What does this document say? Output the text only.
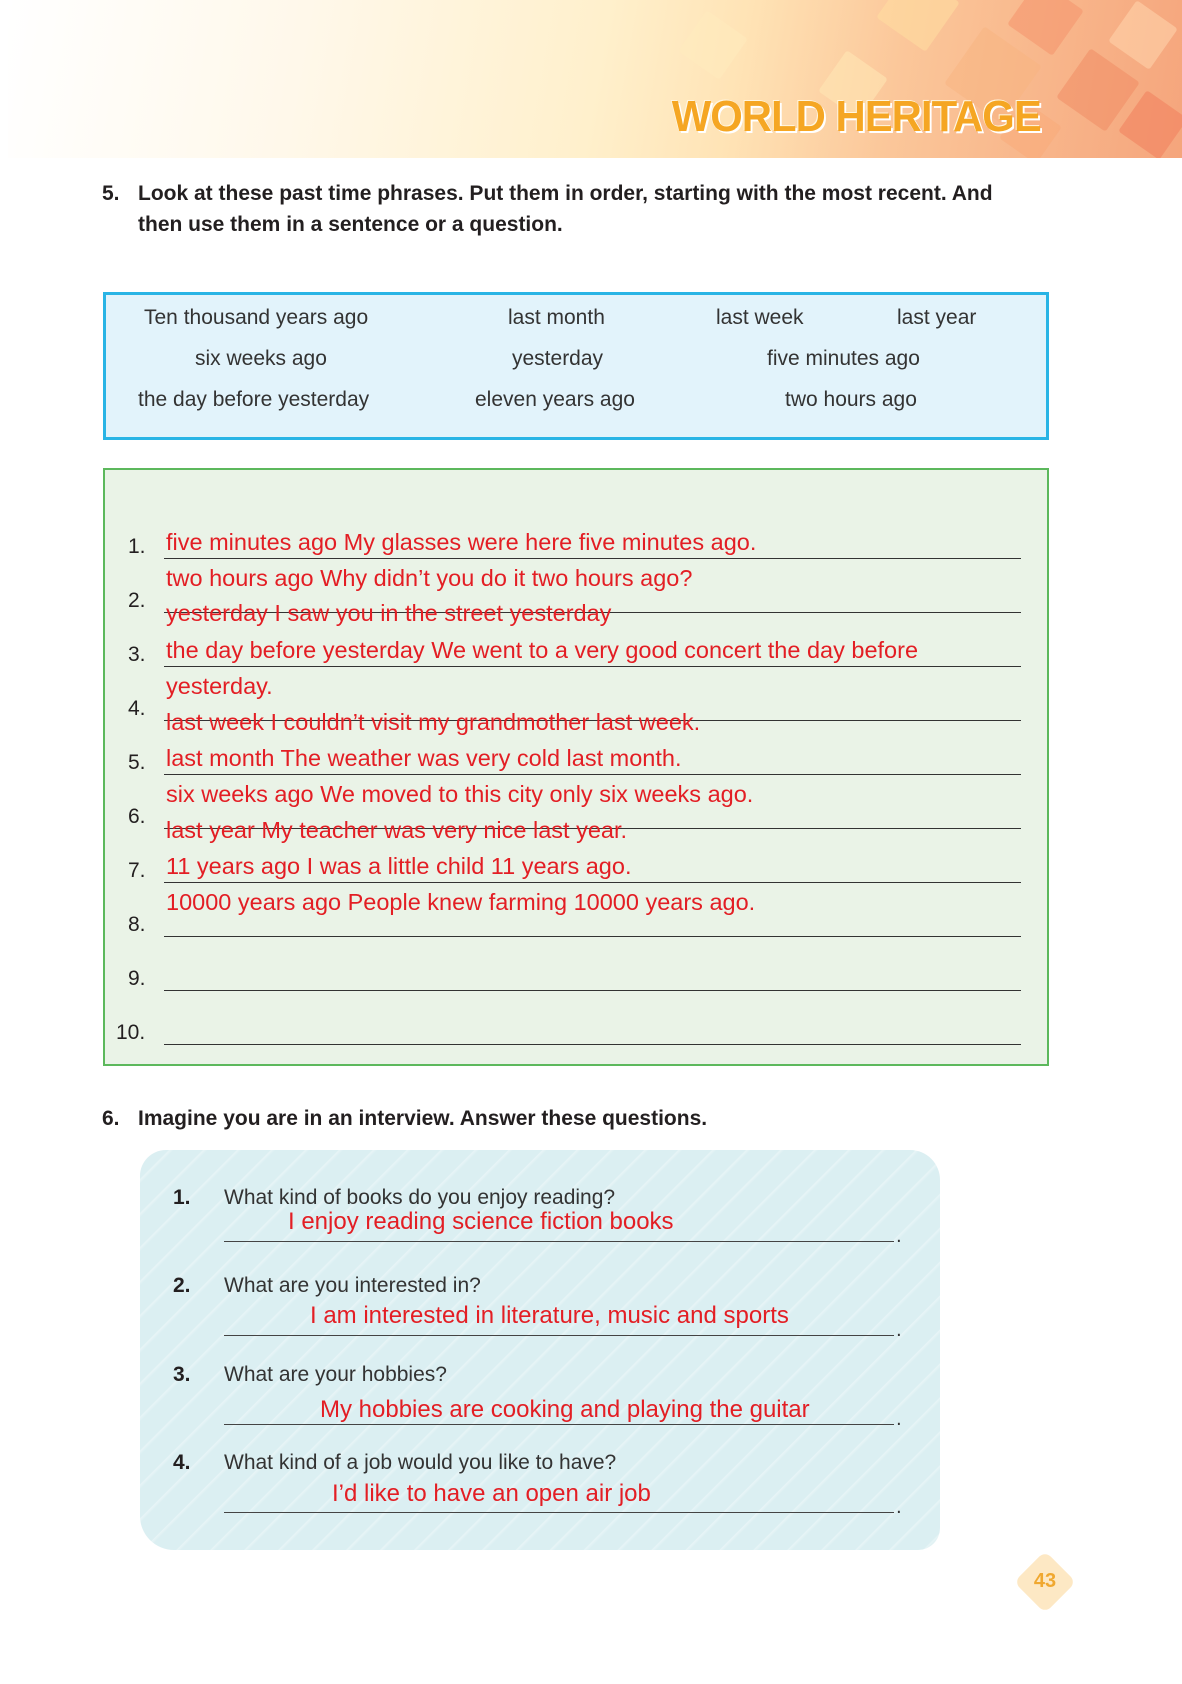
WORLD HERITAGE
5. Look at these past time phrases. Put them in order, starting with the most recent. And
then use them in a sentence or a question.
Ten thousand years ago	last month	last week	last year
six weeks ago	yesterday	five minutes ago
the day before yesterday	eleven years ago	two hours ago
1.
2.
3.
4.
5.
6.
7.
8.
9.
10.
five minutes ago My glasses were here five minutes ago.
two hours ago Why didn’t you do it two hours ago?
yesterday I saw you in the street yesterday
the day before yesterday We went to a very good concert the day before
yesterday.
last week I couldn’t visit my grandmother last week.
last month The weather was very cold last month.
six weeks ago We moved to this city only six weeks ago.
last year My teacher was very nice last year.
11 years ago I was a little child 11 years ago.
10000 years ago People knew farming 10000 years ago.
6. Imagine you are in an interview. Answer these questions.
1. What kind of books do you enjoy reading?
I enjoy reading science fiction books
.
2. What are you interested in?
I am interested in literature, music and sports
.
3. What are your hobbies?
My hobbies are cooking and playing the guitar	.
4. What kind of a job would you like to have?
I’d like to have an open air job
.
43
